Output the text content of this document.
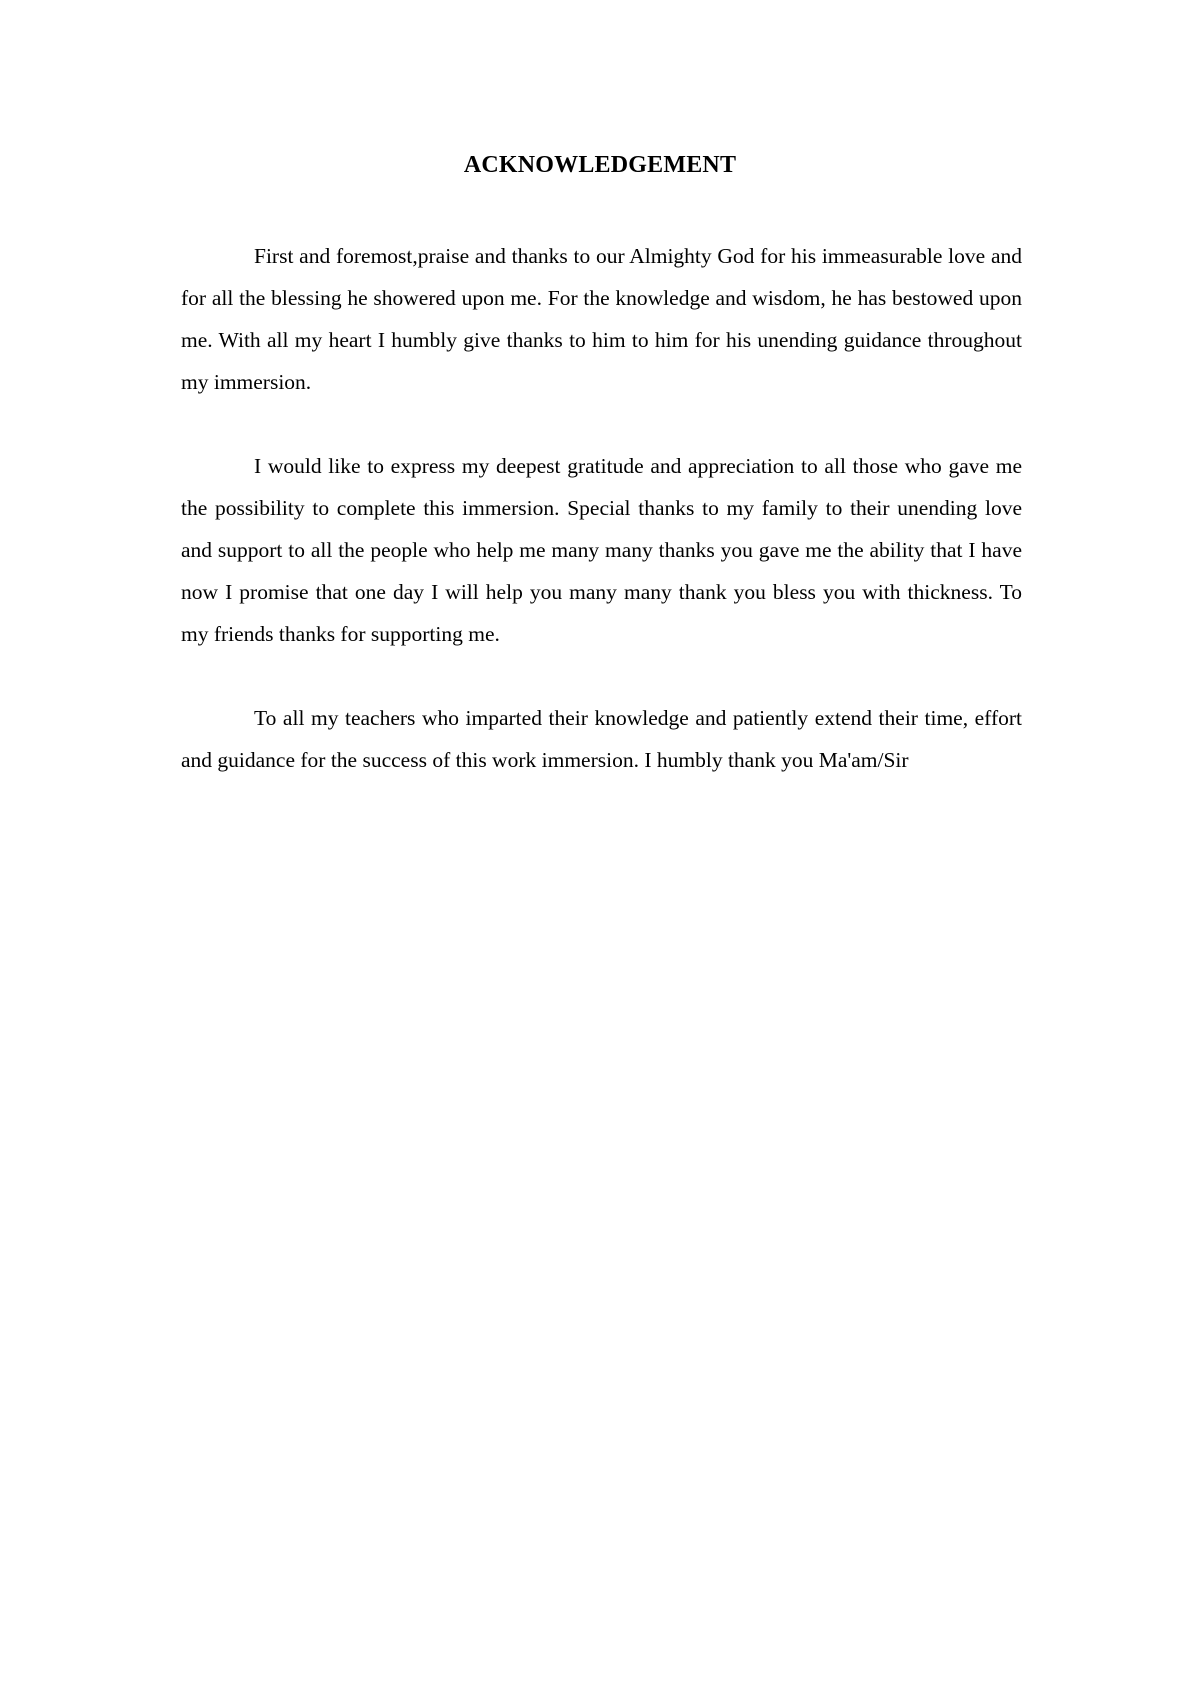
ACKNOWLEDGEMENT

First and foremost,praise and thanks to our Almighty God for his immeasurable love and for all the blessing he showered upon me. For the knowledge and wisdom, he has bestowed upon me. With all my heart I humbly give thanks to him to him for his unending guidance throughout my immersion.

I would like to express my deepest gratitude and appreciation to all those who gave me the possibility to complete this immersion. Special thanks to my family to their unending love and support to all the people who help me many many thanks you gave me the ability that I have now I promise that one day I will help you many many thank you bless you with thickness. To my friends thanks for supporting me.

To all my teachers who imparted their knowledge and patiently extend their time, effort and guidance for the success of this work immersion. I humbly thank you Ma'am/Sir
